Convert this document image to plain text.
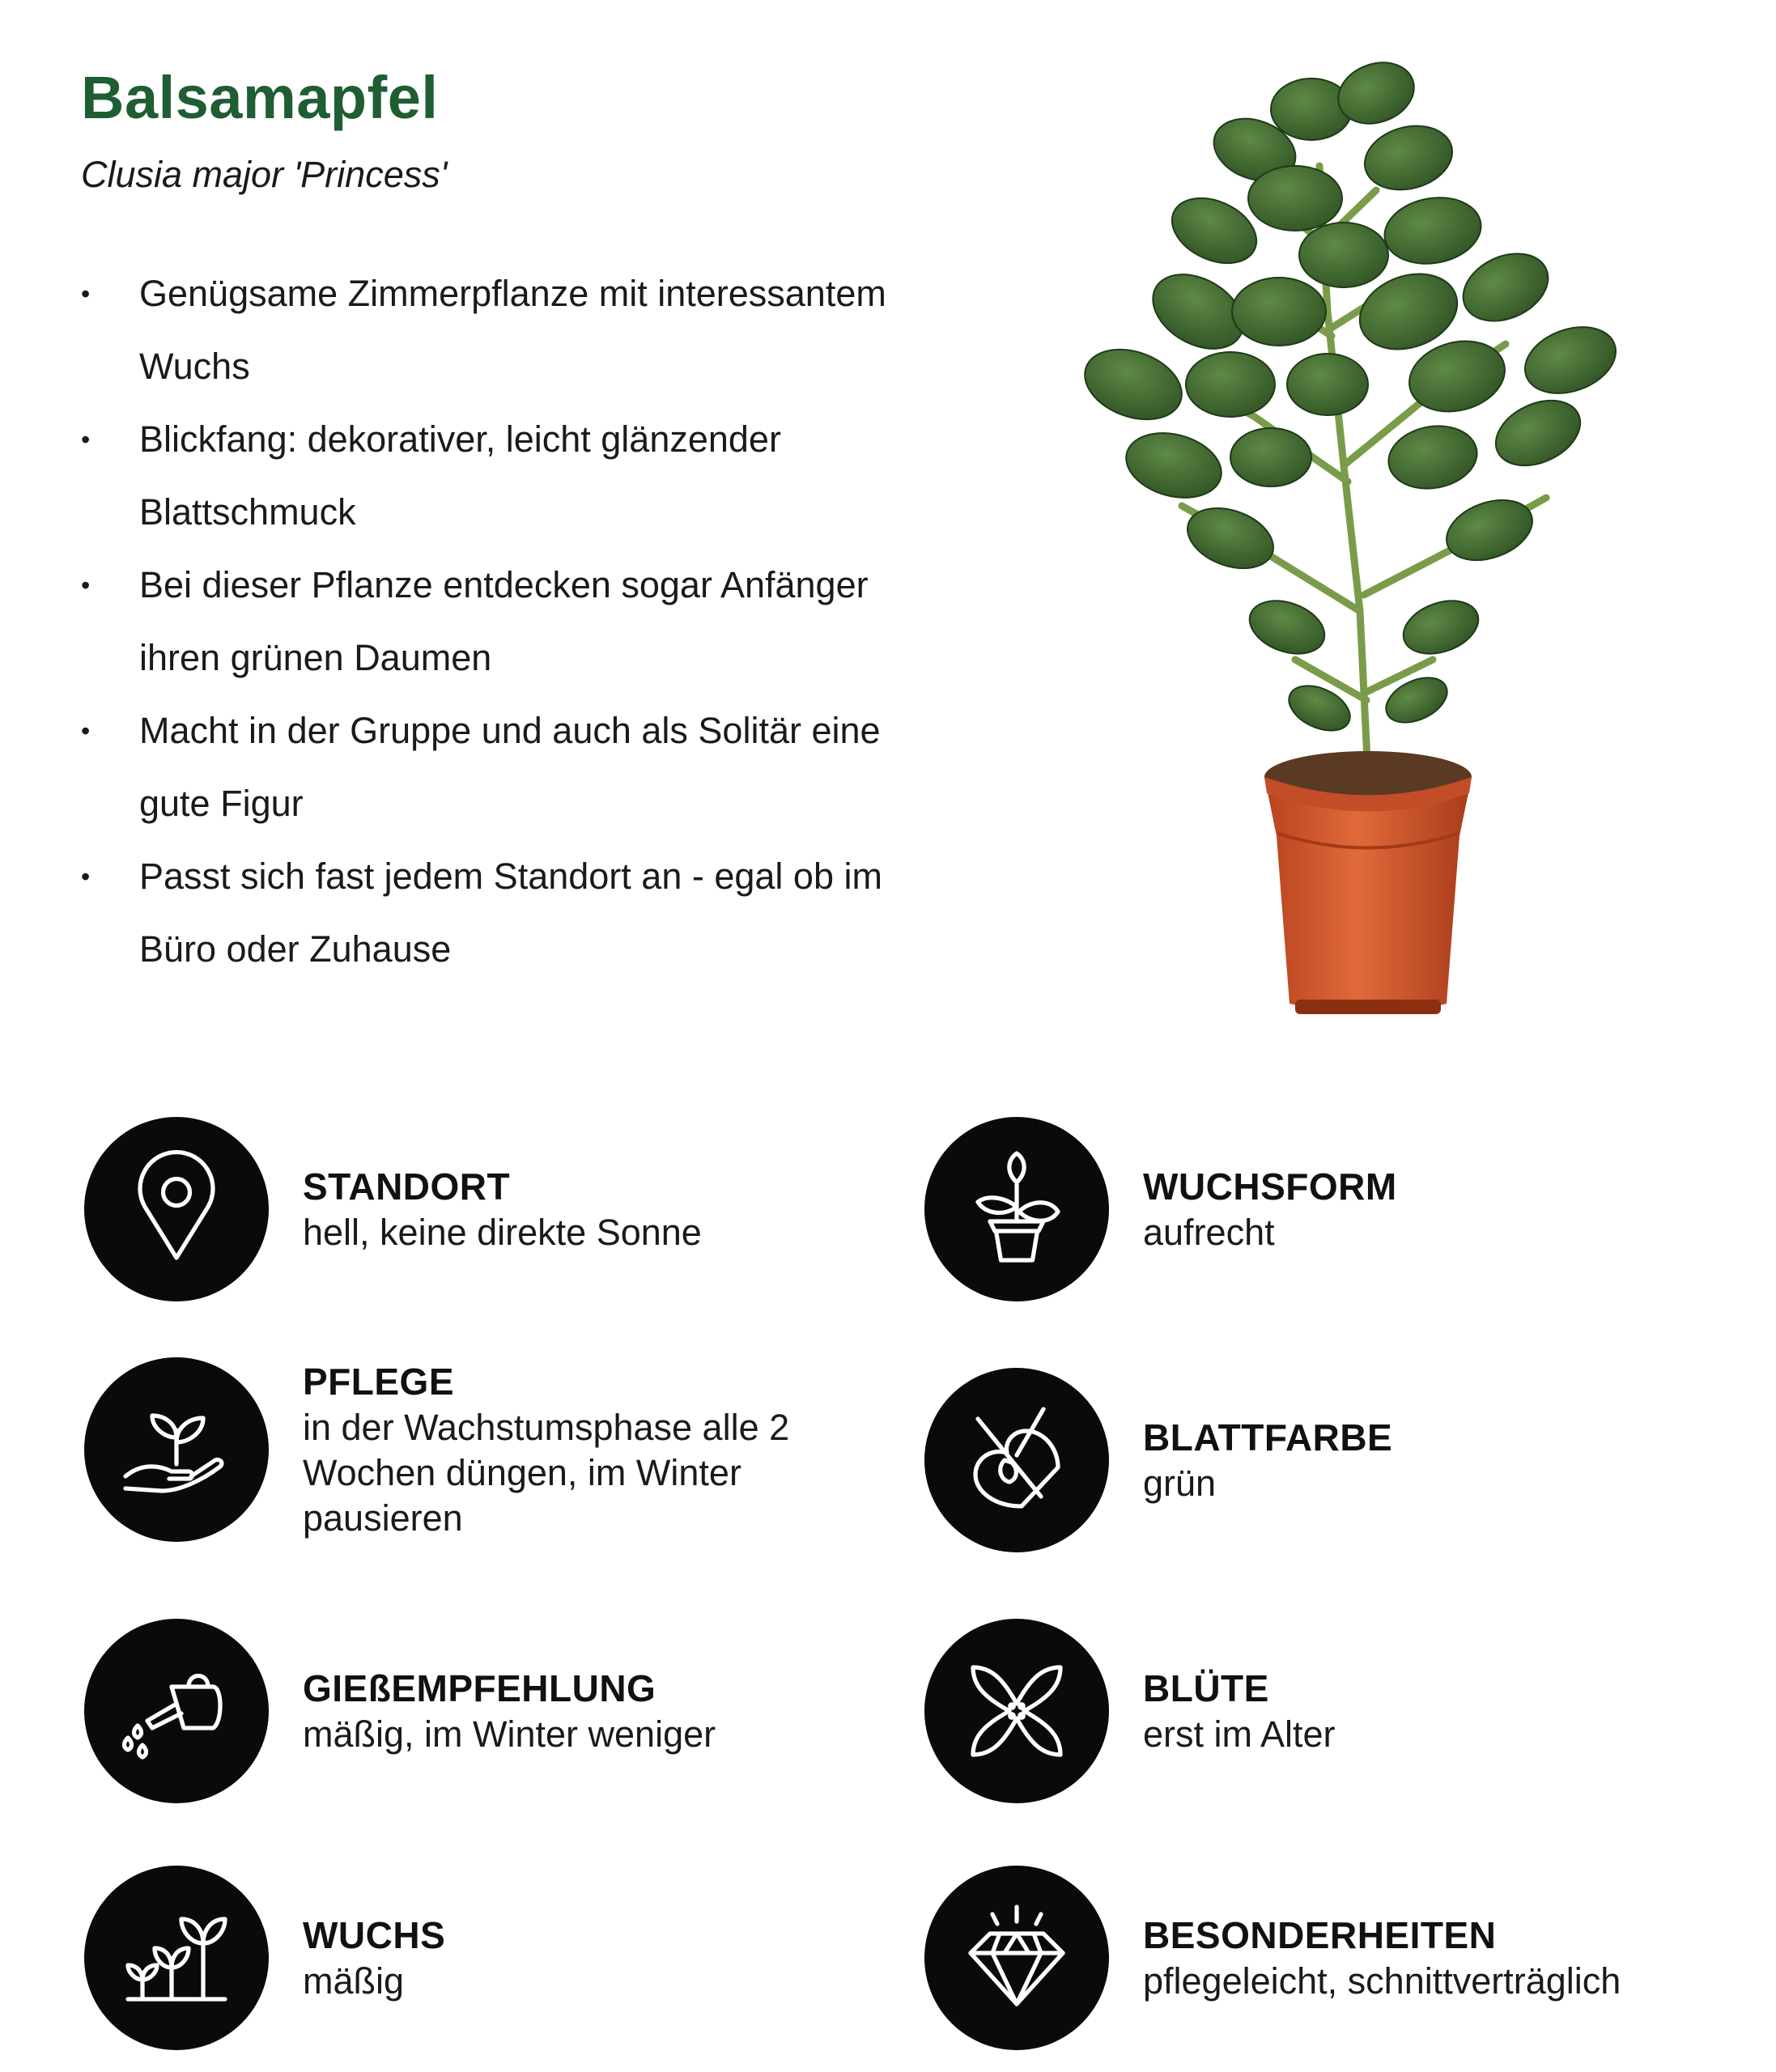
Balsamapfel
Clusia major 'Princess'
• Genügsame Zimmerpflanze mit interessantem Wuchs
• Blickfang: dekorativer, leicht glänzender Blattschmuck
• Bei dieser Pflanze entdecken sogar Anfänger ihren grünen Daumen
• Macht in der Gruppe und auch als Solitär eine gute Figur
• Passt sich fast jedem Standort an - egal ob im Büro oder Zuhause
STANDORT
hell, keine direkte Sonne
WUCHSFORM
aufrecht
PFLEGE
in der Wachstumsphase alle 2 Wochen düngen, im Winter pausieren
BLATTFARBE
grün
GIEßEMPFEHLUNG
mäßig, im Winter weniger
BLÜTE
erst im Alter
WUCHS
mäßig
BESONDERHEITEN
pflegeleicht, schnittverträglich
